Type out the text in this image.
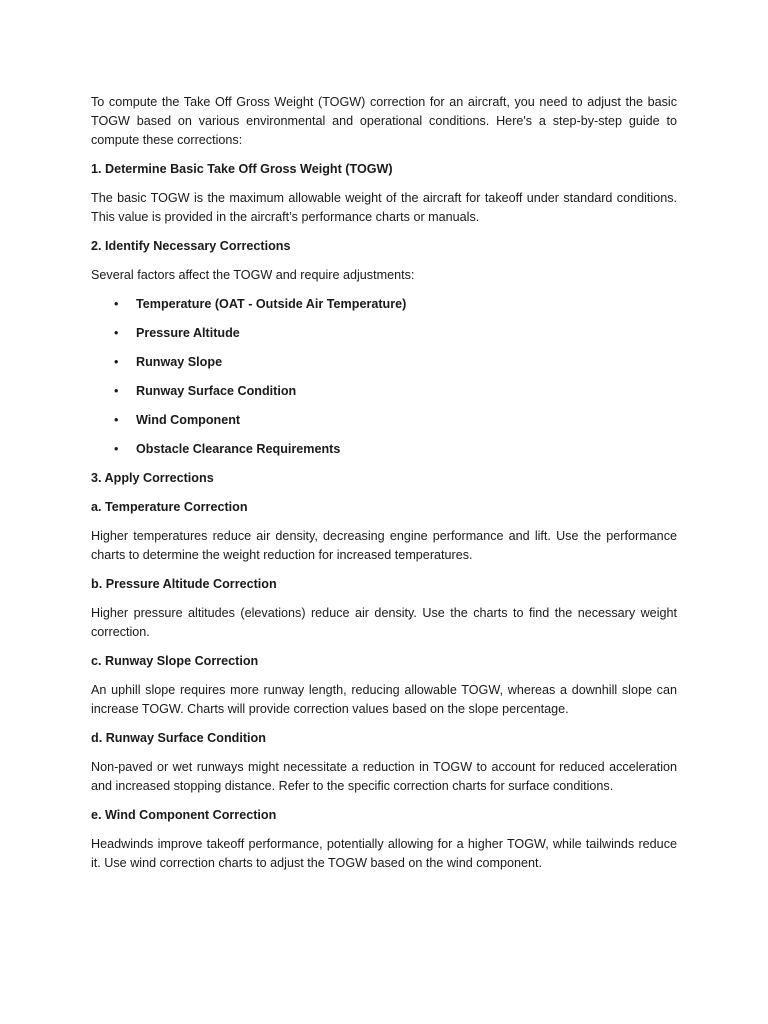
To compute the Take Off Gross Weight (TOGW) correction for an aircraft, you need to adjust the basic TOGW based on various environmental and operational conditions. Here's a step-by-step guide to compute these corrections:

1. Determine Basic Take Off Gross Weight (TOGW)

The basic TOGW is the maximum allowable weight of the aircraft for takeoff under standard conditions. This value is provided in the aircraft’s performance charts or manuals.

2. Identify Necessary Corrections

Several factors affect the TOGW and require adjustments:

• Temperature (OAT - Outside Air Temperature)
• Pressure Altitude
• Runway Slope
• Runway Surface Condition
• Wind Component
• Obstacle Clearance Requirements

3. Apply Corrections

a. Temperature Correction

Higher temperatures reduce air density, decreasing engine performance and lift. Use the performance charts to determine the weight reduction for increased temperatures.

b. Pressure Altitude Correction

Higher pressure altitudes (elevations) reduce air density. Use the charts to find the necessary weight correction.

c. Runway Slope Correction

An uphill slope requires more runway length, reducing allowable TOGW, whereas a downhill slope can increase TOGW. Charts will provide correction values based on the slope percentage.

d. Runway Surface Condition

Non-paved or wet runways might necessitate a reduction in TOGW to account for reduced acceleration and increased stopping distance. Refer to the specific correction charts for surface conditions.

e. Wind Component Correction

Headwinds improve takeoff performance, potentially allowing for a higher TOGW, while tailwinds reduce it. Use wind correction charts to adjust the TOGW based on the wind component.
